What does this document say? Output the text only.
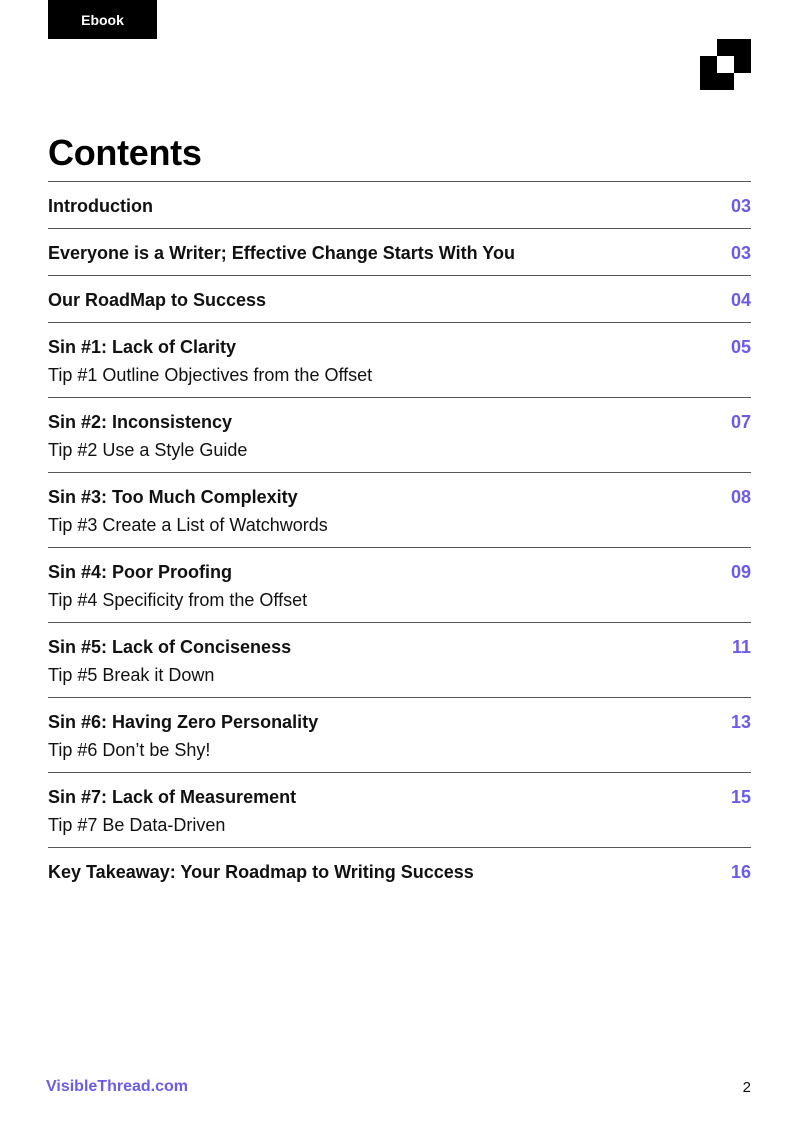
Ebook
Contents
Introduction	03
Everyone is a Writer; Effective Change Starts With You	03
Our RoadMap to Success	04
Sin #1: Lack of Clarity	05
Tip #1 Outline Objectives from the Offset
Sin #2: Inconsistency	07
Tip #2 Use a Style Guide
Sin #3: Too Much Complexity	08
Tip #3 Create a List of Watchwords
Sin #4: Poor Proofing	09
Tip #4 Specificity from the Offset
Sin #5: Lack of Conciseness	11
Tip #5 Break it Down
Sin #6: Having Zero Personality	13
Tip #6 Don’t be Shy!
Sin #7: Lack of Measurement	15
Tip #7 Be Data-Driven
Key Takeaway: Your Roadmap to Writing Success	16
VisibleThread.com	2
